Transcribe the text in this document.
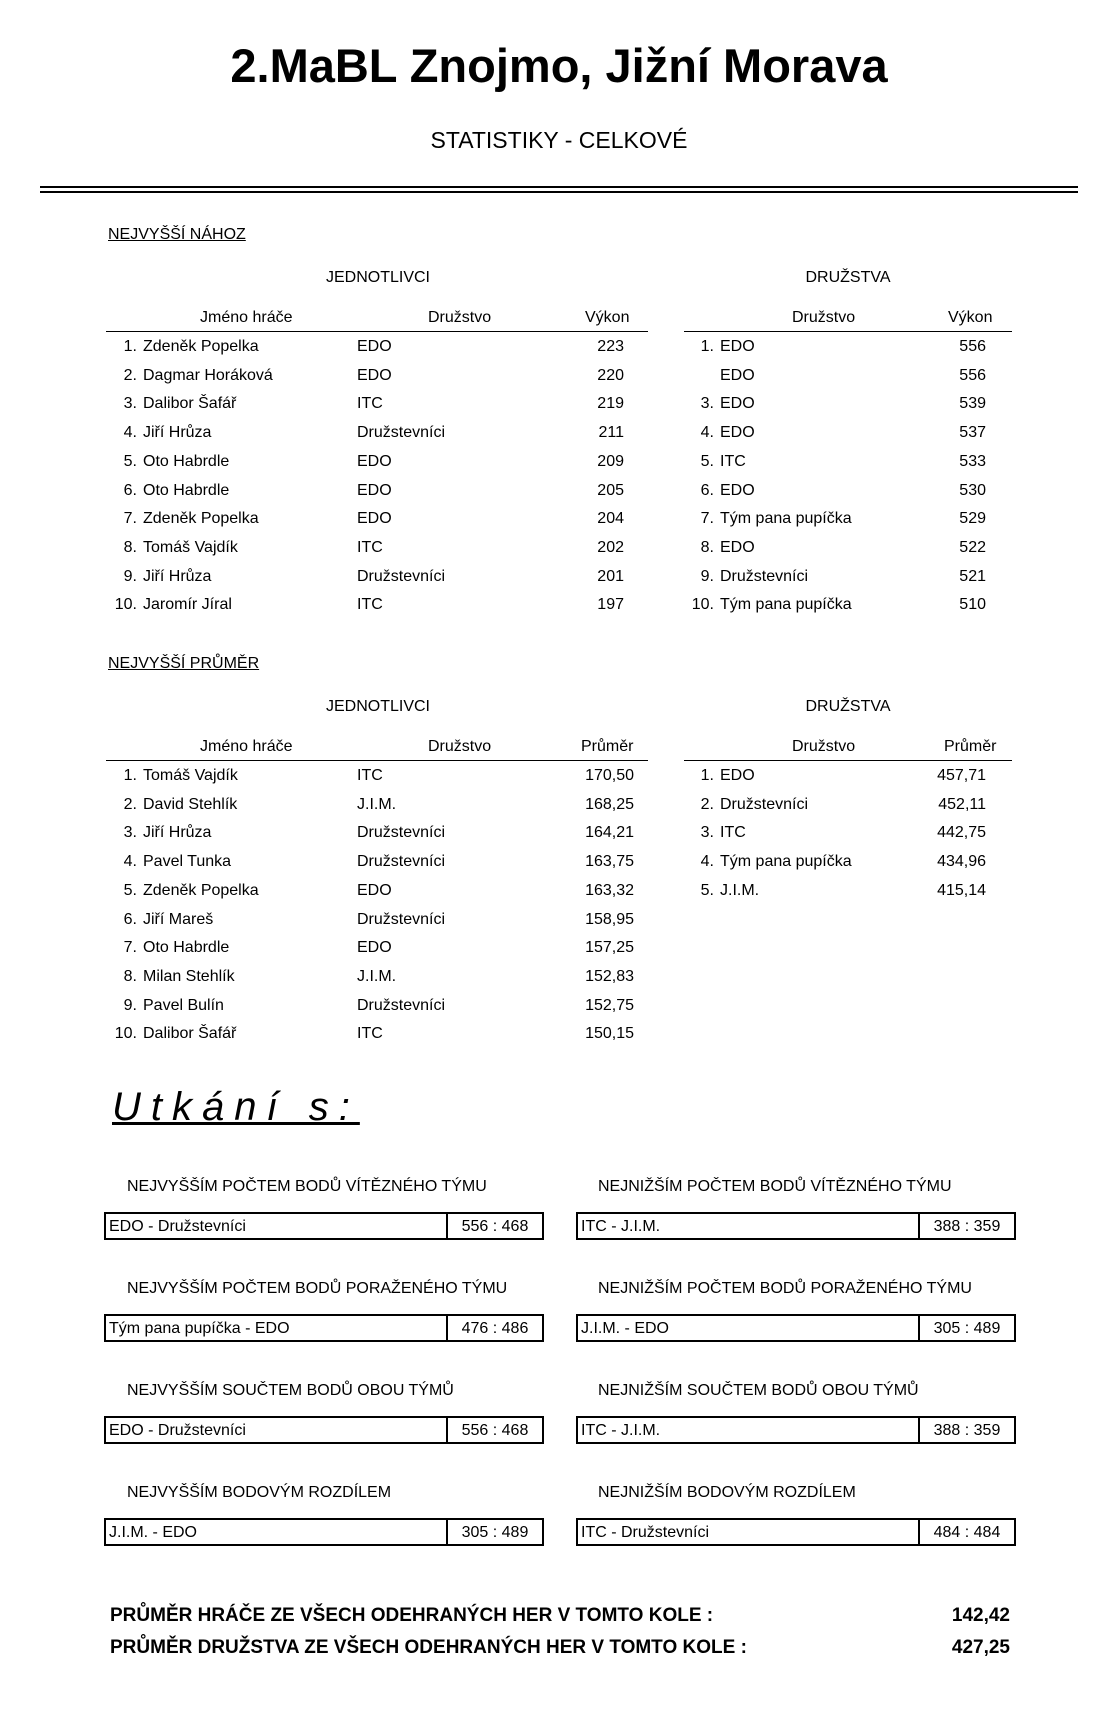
2.MaBL Znojmo, Jižní Morava
STATISTIKY - CELKOVÉ
NEJVYŠŠÍ NÁHOZ
JEDNOTLIVCI	DRUŽSTVA
Jméno hráče	Družstvo	Výkon	Družstvo	Výkon
1. Zdeněk Popelka	EDO	223
2. Dagmar Horáková	EDO	220
3. Dalibor Šafář	ITC	219
4. Jiří Hrůza	Družstevníci	211
5. Oto Habrdle	EDO	209
6. Oto Habrdle	EDO	205
7. Zdeněk Popelka	EDO	204
8. Tomáš Vajdík	ITC	202
9. Jiří Hrůza	Družstevníci	201
10. Jaromír Jíral	ITC	197
1. EDO	556
EDO	556
3. EDO	539
4. EDO	537
5. ITC	533
6. EDO	530
7. Tým pana pupíčka	529
8. EDO	522
9. Družstevníci	521
10. Tým pana pupíčka	510
NEJVYŠŠÍ PRŮMĚR
JEDNOTLIVCI	DRUŽSTVA
Jméno hráče	Družstvo	Průměr	Družstvo	Průměr
1. Tomáš Vajdík	ITC	170,50
2. David Stehlík	J.I.M.	168,25
3. Jiří Hrůza	Družstevníci	164,21
4. Pavel Tunka	Družstevníci	163,75
5. Zdeněk Popelka	EDO	163,32
6. Jiří Mareš	Družstevníci	158,95
7. Oto Habrdle	EDO	157,25
8. Milan Stehlík	J.I.M.	152,83
9. Pavel Bulín	Družstevníci	152,75
10. Dalibor Šafář	ITC	150,15
1. EDO	457,71
2. Družstevníci	452,11
3. ITC	442,75
4. Tým pana pupíčka	434,96
5. J.I.M.	415,14
Utkání s:
NEJVYŠŠÍM POČTEM BODŮ VÍTĚZNÉHO TÝMU
EDO - Družstevníci	556 : 468
NEJNIŽŠÍM POČTEM BODŮ VÍTĚZNÉHO TÝMU
ITC - J.I.M.	388 : 359
NEJVYŠŠÍM POČTEM BODŮ PORAŽENÉHO TÝMU
Tým pana pupíčka - EDO	476 : 486
NEJNIŽŠÍM POČTEM BODŮ PORAŽENÉHO TÝMU
J.I.M. - EDO	305 : 489
NEJVYŠŠÍM SOUČTEM BODŮ OBOU TÝMŮ
EDO - Družstevníci	556 : 468
NEJNIŽŠÍM SOUČTEM BODŮ OBOU TÝMŮ
ITC - J.I.M.	388 : 359
NEJVYŠŠÍM BODOVÝM ROZDÍLEM
J.I.M. - EDO	305 : 489
NEJNIŽŠÍM BODOVÝM ROZDÍLEM
ITC - Družstevníci	484 : 484
PRŮMĚR HRÁČE ZE VŠECH ODEHRANÝCH HER V TOMTO KOLE :	142,42
PRŮMĚR DRUŽSTVA ZE VŠECH ODEHRANÝCH HER V TOMTO KOLE :	427,25
